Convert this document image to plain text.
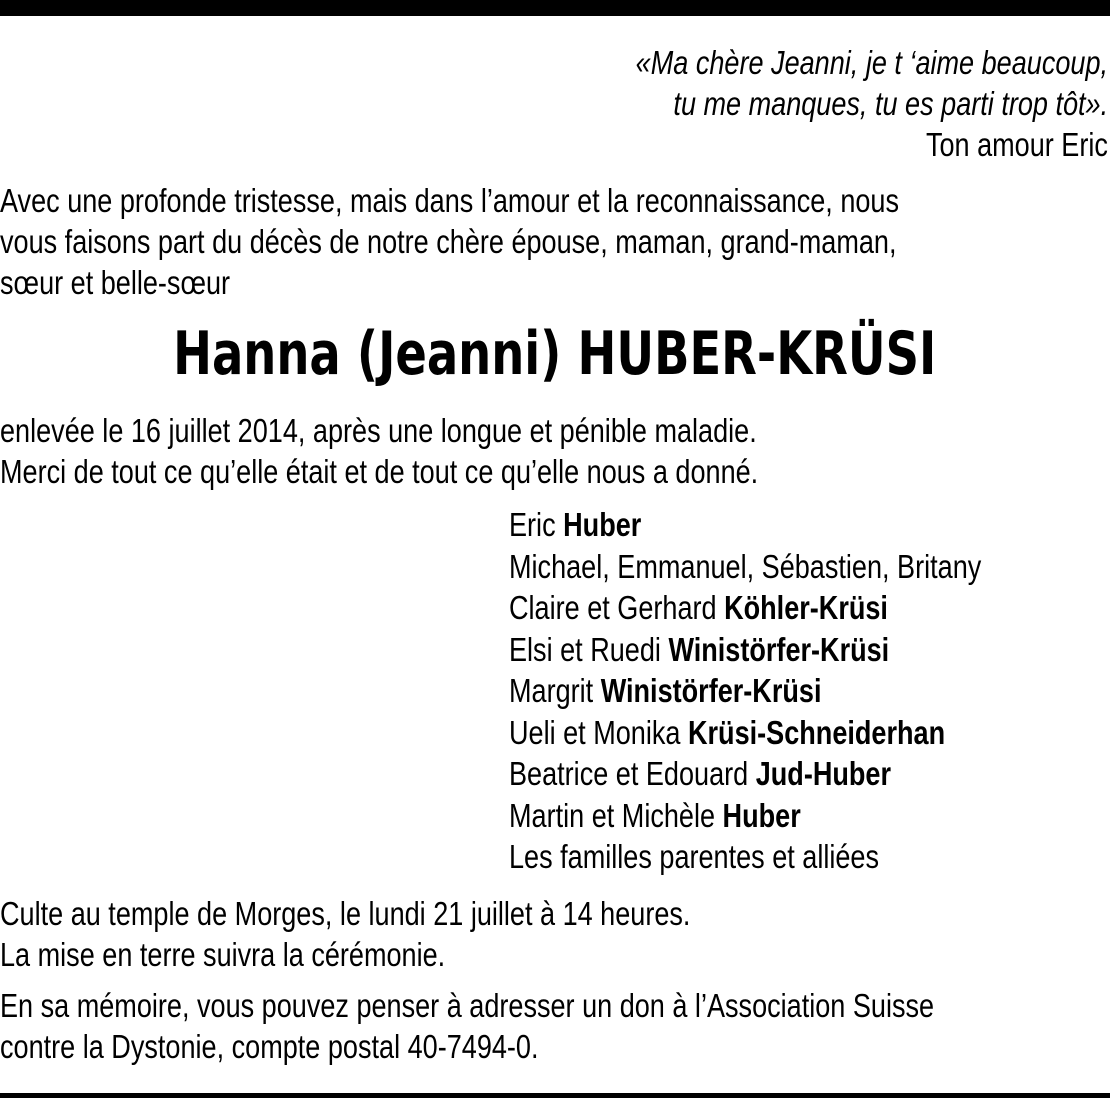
«Ma chère Jeanni, je t ‘aime beaucoup,
tu me manques, tu es parti trop tôt».
Ton amour Eric
Avec une profonde tristesse, mais dans l’amour et la reconnaissance, nous
vous faisons part du décès de notre chère épouse, maman, grand-maman,
sœur et belle-sœur
Hanna (Jeanni) HUBER-KRÜSI
enlevée le 16 juillet 2014, après une longue et pénible maladie.
Merci de tout ce qu’elle était et de tout ce qu’elle nous a donné.
Eric Huber
Michael, Emmanuel, Sébastien, Britany
Claire et Gerhard Köhler-Krüsi
Elsi et Ruedi Winistörfer-Krüsi
Margrit Winistörfer-Krüsi
Ueli et Monika Krüsi-Schneiderhan
Beatrice et Edouard Jud-Huber
Martin et Michèle Huber
Les familles parentes et alliées
Culte au temple de Morges, le lundi 21 juillet à 14 heures.
La mise en terre suivra la cérémonie.
En sa mémoire, vous pouvez penser à adresser un don à l’Association Suisse
contre la Dystonie, compte postal 40-7494-0.
